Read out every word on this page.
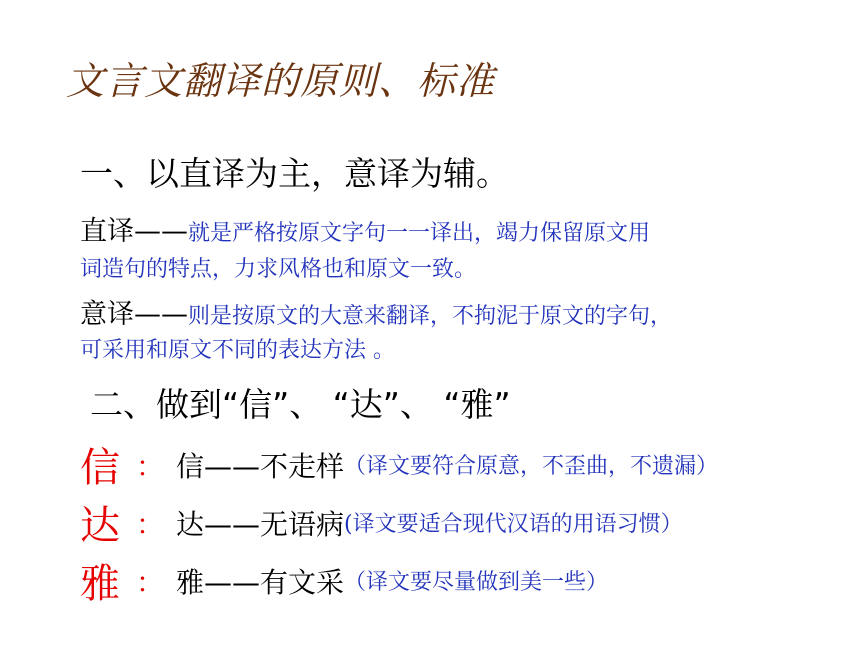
文言文翻译的原则、标准
一、以直译为主，意译为辅。
直译——就是严格按原文字句一一译出，竭力保留原文用
词造句的特点，力求风格也和原文一致。
意译——则是按原文的大意来翻译，不拘泥于原文的字句，
可采用和原文不同的表达方法 。
二、做到“信”、 “达”、 “雅”
信 ： 信——不走样 （译文要符合原意，不歪曲，不遗漏）
达 ： 达——无语病 (译文要适合现代汉语的用语习惯）
雅 ： 雅——有文采 （译文要尽量做到美一些）
